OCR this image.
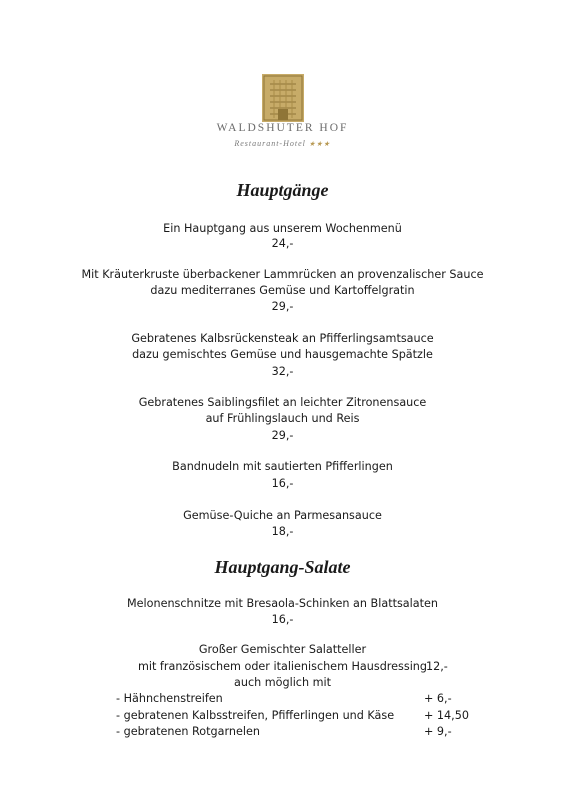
WALDSHUTER HOF
Restaurant-Hotel ★★★
Hauptgänge
Ein Hauptgang aus unserem Wochenmenü
24,-
Mit Kräuterkruste überbackener Lammrücken an provenzalischer Sauce
dazu mediterranes Gemüse und Kartoffelgratin
29,-
Gebratenes Kalbsrückensteak an Pfifferlingsamtsauce
dazu gemischtes Gemüse und hausgemachte Spätzle
32,-
Gebratenes Saiblingsfilet an leichter Zitronensauce
auf Frühlingslauch und Reis
29,-
Bandnudeln mit sautierten Pfifferlingen
16,-
Gemüse-Quiche an Parmesansauce
18,-
Hauptgang-Salate
Melonenschnitze mit Bresaola-Schinken an Blattsalaten
16,-
Großer Gemischter Salatteller
mit französischem oder italienischem Hausdressing
12,-
auch möglich mit
- Hähnchenstreifen	+ 6,-
- gebratenen Kalbsstreifen, Pfifferlingen und Käse	+ 14,50
- gebratenen Rotgarnelen	+ 9,-
